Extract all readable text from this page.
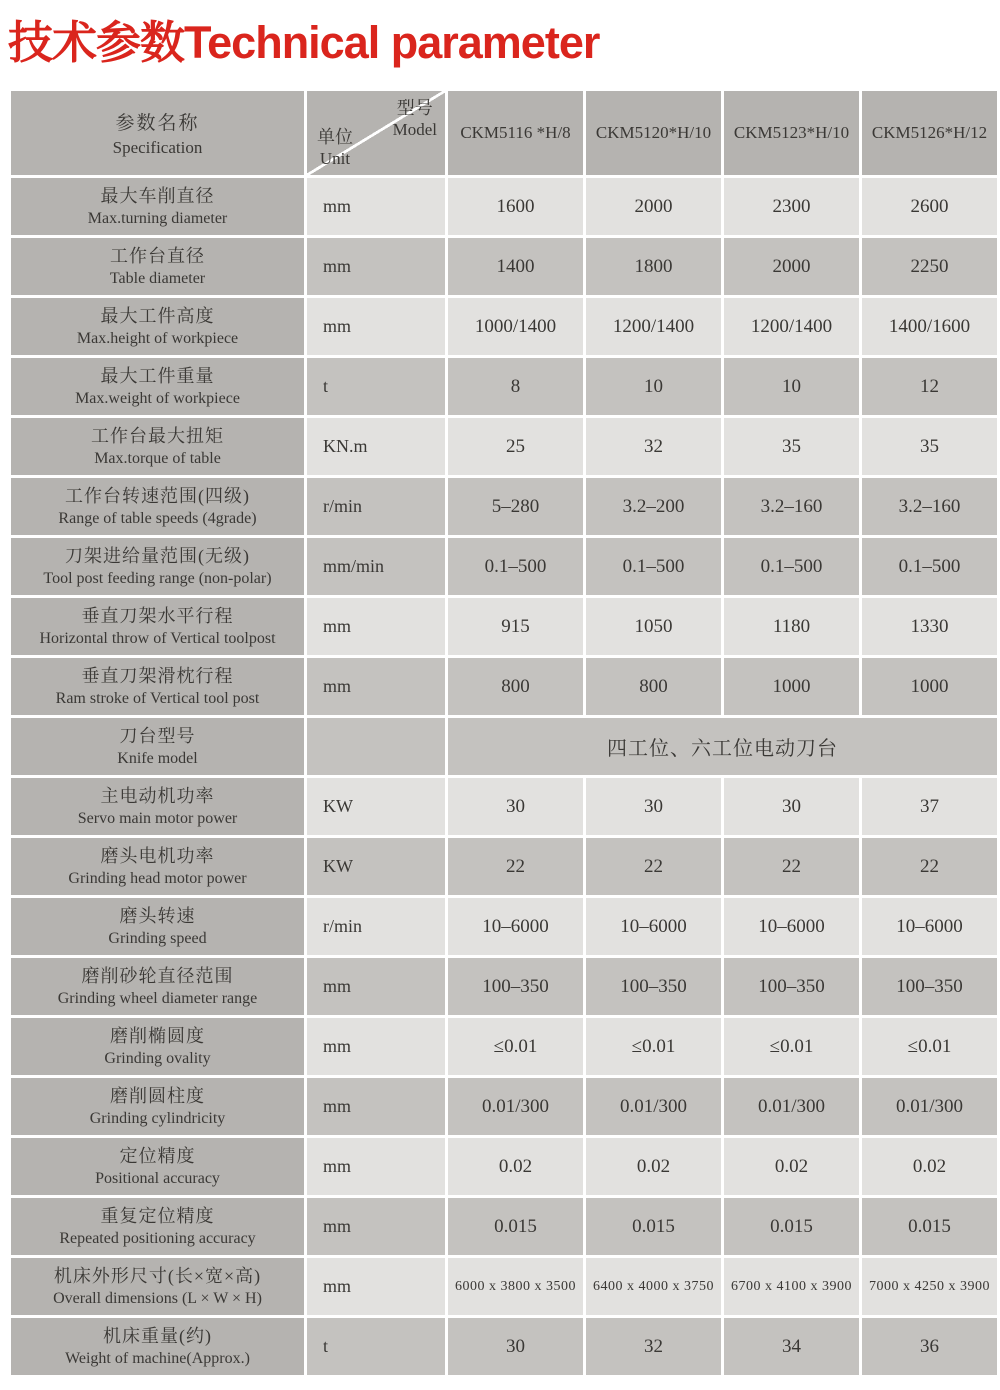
技术参数Technical parameter
参数名称
Specification

型号
Model
单位
Unit
	CKM5116 *H/8	CKM5120*H/10	CKM5123*H/10	CKM5126*H/12

最大车削直径
Max.turning diameter	mm	1600	2000	2300	2600

工作台直径
Table diameter	mm	1400	1800	2000	2250

最大工件高度
Max.height of workpiece	mm	1000/1400	1200/1400	1200/1400	1400/1600

最大工件重量
Max.weight of workpiece	t	8	10	10	12

工作台最大扭矩
Max.torque of table	KN.m	25	32	35	35

工作台转速范围(四级)
Range of table speeds (4grade)	r/min	5–280	3.2–200	3.2–160	3.2–160

刀架进给量范围(无级)
Tool post feeding range (non-polar)	mm/min	0.1–500	0.1–500	0.1–500	0.1–500

垂直刀架水平行程
Horizontal throw of Vertical toolpost	mm	915	1050	1180	1330

垂直刀架滑枕行程
Ram stroke of Vertical tool post	mm	800	800	1000	1000

刀台型号
Knife model		四工位、六工位电动刀台			

主电动机功率
Servo main motor power	KW	30	30	30	37

磨头电机功率
Grinding head motor power	KW	22	22	22	22

磨头转速
Grinding speed	r/min	10–6000	10–6000	10–6000	10–6000

磨削砂轮直径范围
Grinding wheel diameter range	mm	100–350	100–350	100–350	100–350

磨削椭圆度
Grinding ovality	mm	≤0.01	≤0.01	≤0.01	≤0.01

磨削圆柱度
Grinding cylindricity	mm	0.01/300	0.01/300	0.01/300	0.01/300

定位精度
Positional accuracy	mm	0.02	0.02	0.02	0.02

重复定位精度
Repeated positioning accuracy	mm	0.015	0.015	0.015	0.015

机床外形尺寸(长×宽×高)
Overall dimensions (L × W × H)	mm	6000 x 3800 x 3500	6400 x 4000 x 3750	6700 x 4100 x 3900	7000 x 4250 x 3900

机床重量(约)
Weight of machine(Approx.)	t	30	32	34	36
